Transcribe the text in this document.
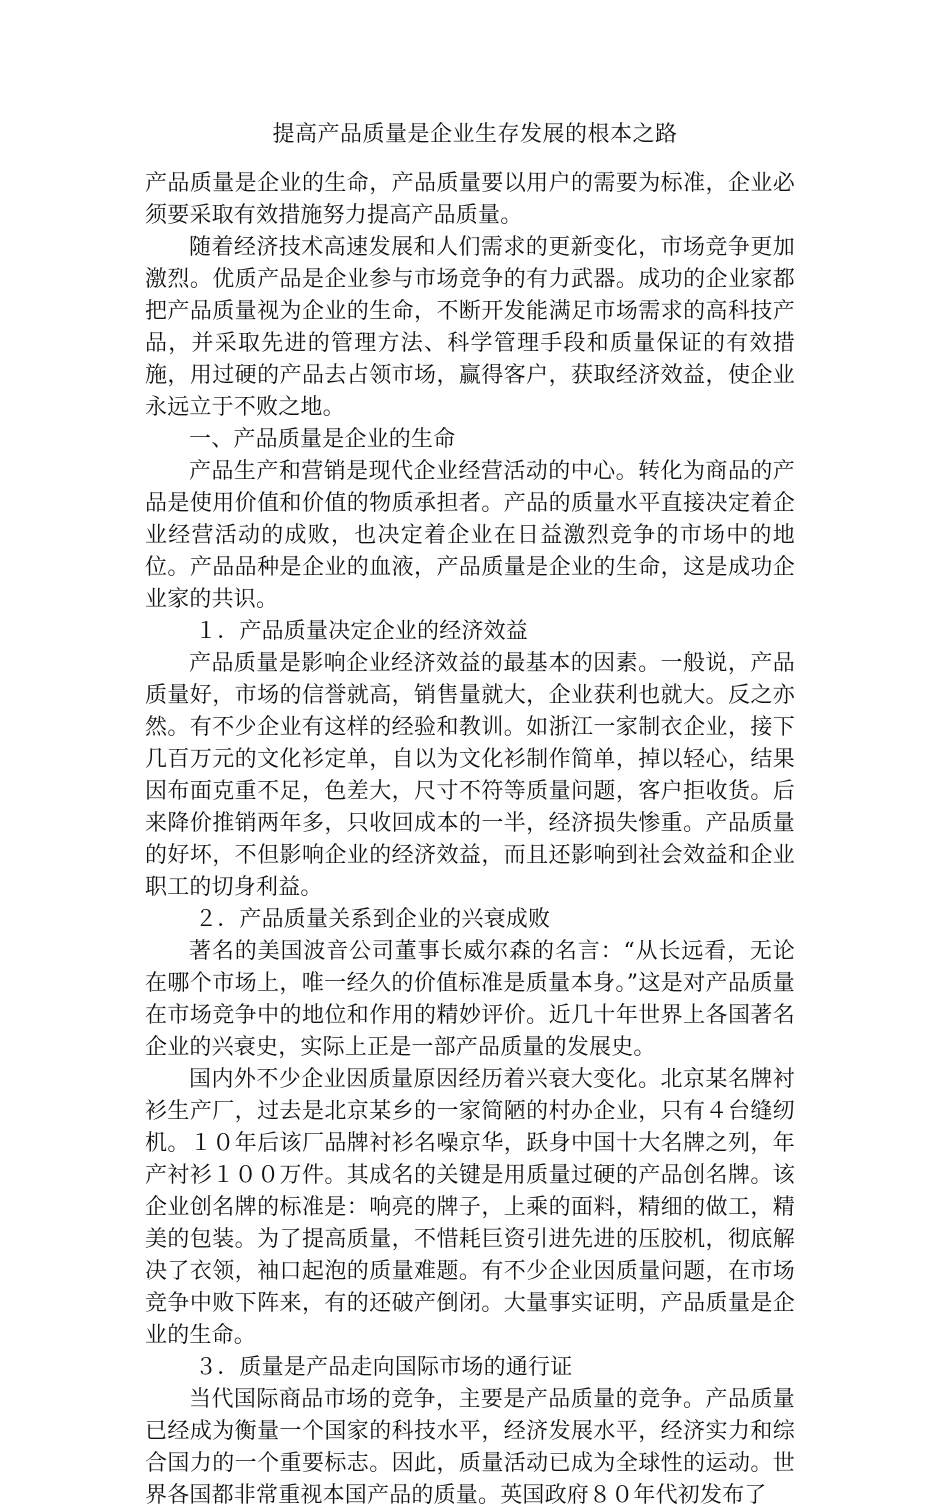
提高产品质量是企业生存发展的根本之路

产品质量是企业的生命，产品质量要以用户的需要为标准，企业必须要采取有效措施努力提高产品质量。

随着经济技术高速发展和人们需求的更新变化，市场竞争更加激烈。优质产品是企业参与市场竞争的有力武器。成功的企业家都把产品质量视为企业的生命，不断开发能满足市场需求的高科技产品，并采取先进的管理方法、科学管理手段和质量保证的有效措施，用过硬的产品去占领市场，赢得客户，获取经济效益，使企业永远立于不败之地。

一、产品质量是企业的生命

产品生产和营销是现代企业经营活动的中心。转化为商品的产品是使用价值和价值的物质承担者。产品的质量水平直接决定着企业经营活动的成败，也决定着企业在日益激烈竞争的市场中的地位。产品品种是企业的血液，产品质量是企业的生命，这是成功企业家的共识。

１．产品质量决定企业的经济效益

产品质量是影响企业经济效益的最基本的因素。一般说，产品质量好，市场的信誉就高，销售量就大，企业获利也就大。反之亦然。有不少企业有这样的经验和教训。如浙江一家制衣企业，接下几百万元的文化衫定单，自以为文化衫制作简单，掉以轻心，结果因布面克重不足，色差大，尺寸不符等质量问题，客户拒收货。后来降价推销两年多，只收回成本的一半，经济损失惨重。产品质量的好坏，不但影响企业的经济效益，而且还影响到社会效益和企业职工的切身利益。

２．产品质量关系到企业的兴衰成败

著名的美国波音公司董事长威尔森的名言：“从长远看，无论在哪个市场上，唯一经久的价值标准是质量本身。”这是对产品质量在市场竞争中的地位和作用的精妙评价。近几十年世界上各国著名企业的兴衰史，实际上正是一部产品质量的发展史。

国内外不少企业因质量原因经历着兴衰大变化。北京某名牌衬衫生产厂，过去是北京某乡的一家简陋的村办企业，只有４台缝纫机。１０年后该厂品牌衬衫名噪京华，跃身中国十大名牌之列，年产衬衫１００万件。其成名的关键是用质量过硬的产品创名牌。该企业创名牌的标准是：响亮的牌子，上乘的面料，精细的做工，精美的包装。为了提高质量，不惜耗巨资引进先进的压胶机，彻底解决了衣领，袖口起泡的质量难题。有不少企业因质量问题，在市场竞争中败下阵来，有的还破产倒闭。大量事实证明，产品质量是企业的生命。

３．质量是产品走向国际市场的通行证

当代国际商品市场的竞争，主要是产品质量的竞争。产品质量已经成为衡量一个国家的科技水平，经济发展水平，经济实力和综合国力的一个重要标志。因此，质量活动已成为全球性的运动。世界各国都非常重视本国产品的质量。英国政府８０年代初发布了
